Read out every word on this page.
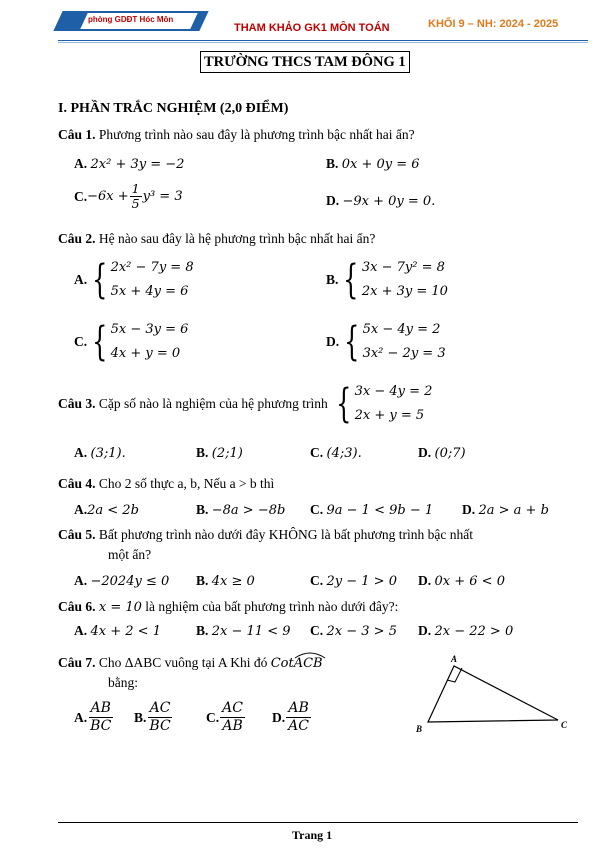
phòng GDĐT Hóc Môn
THAM KHẢO GK1 MÔN TOÁN	KHỐI 9 – NH: 2024 - 2025
TRƯỜNG THCS TAM ĐÔNG 1
I. PHẦN TRẮC NGHIỆM (2,0 ĐIỂM)
Câu 1. Phương trình nào sau đây là phương trình bậc nhất hai ẩn?
A. 2x² + 3y = −2	B. 0x + 0y = 6
C. $-6x + \frac{1}{5} y^3 = 3$	D. −9x + 0y = 0.
Câu 2. Hệ nào sau đây là hệ phương trình bậc nhất hai ẩn?
A. { 2x² − 7y = 8
5x + 4y = 6
B. { 3x − 7y² = 8
2x + 3y = 10
C. { 5x − 3y = 6
4x + y = 0
D. { 5x − 4y = 2
3x² − 2y = 3
Câu 3.
Cặp số nào là nghiệm của hệ phương trình
{ 3x − 4y = 2
2x + y = 5
A. (3;1).	B. (2;1)	C. (4;3).	D. (0;7)
Câu 4. Cho 2 số thực a, b, Nếu a > b thì
A.2a < 2b	B. −8a > −8b C. 9a − 1 < 9b − 1 D. 2a > a + b
Câu 5. Bất phương trình nào dưới đây KHÔNG là bất phương trình bậc nhất
một ẩn?
A. −2024y ≤ 0 B. 4x ≥ 0	C. 2y − 1 > 0 D. 0x + 6 < 0
Câu 6. x = 10 là nghiệm của bất phương trình nào dưới đây?:
A. 4x + 2 < 1	B. 2x − 11 < 9 C. 2x − 3 > 5 D. 2x − 22 > 0
Câu 7. Cho ΔABC vuông tại A Khi đó CotACB
bằng:
A. $\frac{AB}{BC} B$. $\frac{AC}{BC} C$. $\frac{AC}{AB} D$. $\frac{AB}{AC}$
A
B	C
Trang 1
